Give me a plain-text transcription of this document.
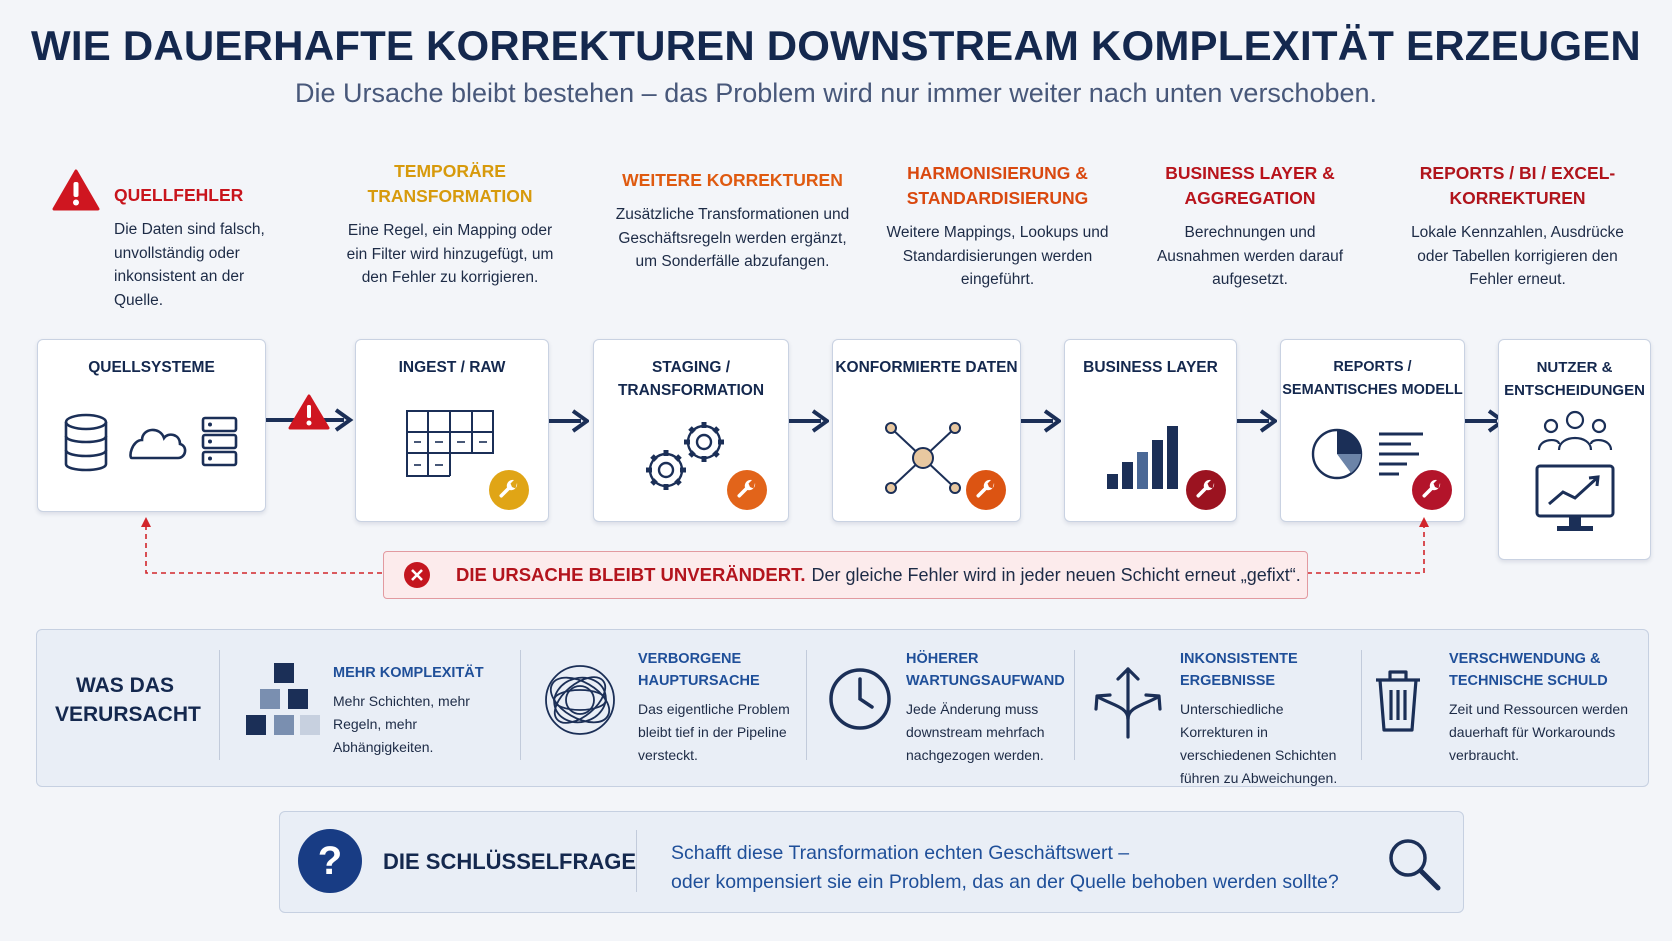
WIE DAUERHAFTE KORREKTUREN DOWNSTREAM KOMPLEXITÄT ERZEUGEN
Die Ursache bleibt bestehen – das Problem wird nur immer weiter nach unten verschoben.
QUELLFEHLER
Die Daten sind falsch, unvollständig oder inkonsistent an der Quelle.
TEMPORÄRE TRANSFORMATION
Eine Regel, ein Mapping oder ein Filter wird hinzugefügt, um den Fehler zu korrigieren.
WEITERE KORREKTUREN
Zusätzliche Transformationen und Geschäftsregeln werden ergänzt, um Sonderfälle abzufangen.
HARMONISIERUNG & STANDARDISIERUNG
Weitere Mappings, Lookups und Standardisierungen werden eingeführt.
BUSINESS LAYER & AGGREGATION
Berechnungen und Ausnahmen werden darauf aufgesetzt.
REPORTS / BI / EXCEL-KORREKTUREN
Lokale Kennzahlen, Ausdrücke oder Tabellen korrigieren den Fehler erneut.
QUELLSYSTEME	INGEST / RAW	STAGING / TRANSFORMATION
KONFORMIERTE DATEN	BUSINESS LAYER	REPORTS / SEMANTISCHES MODELL
NUTZER & ENTSCHEIDUNGEN
DIE URSACHE BLEIBT UNVERÄNDERT. Der gleiche Fehler wird in jeder neuen Schicht erneut „gefixt“.
WAS DAS VERURSACHT
MEHR KOMPLEXITÄT
Mehr Schichten, mehr Regeln, mehr Abhängigkeiten.
VERBORGENE HAUPTURSACHE
Das eigentliche Problem bleibt tief in der Pipeline versteckt.
HÖHERER WARTUNGSAUFWAND
Jede Änderung muss downstream mehrfach nachgezogen werden.
INKONSISTENTE ERGEBNISSE
Unterschiedliche Korrekturen in verschiedenen Schichten führen zu Abweichungen.
VERSCHWENDUNG & TECHNISCHE SCHULD
Zeit und Ressourcen werden dauerhaft für Workarounds verbraucht.
?	DIE SCHLÜSSELFRAGE Schafft diese Transformation echten Geschäftswert –
oder kompensiert sie ein Problem, das an der Quelle behoben werden sollte?
